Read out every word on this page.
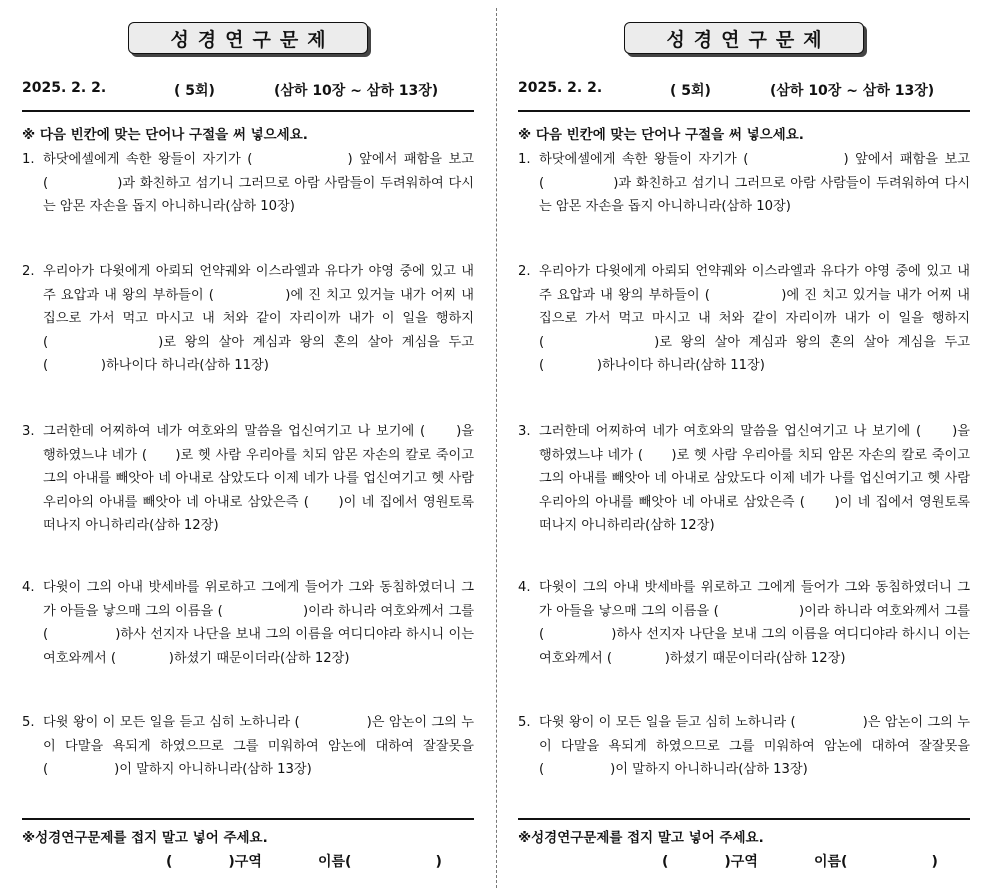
성경연구문제
2025. 2. 2.	( 5회)	(삼하 10장 ~ 삼하 13장)
※ 다음 빈칸에 맞는 단어나 구절을 써 넣으세요.
1. 하닷에셀에게 속한 왕들이 자기가 (　　　　　　) 앞에서 패함을 보고 (　　　　　)과 화친하고 섬기니 그러므로 아람 사람들이 두려워하여 다시는 암몬 자손을 돕지 아니하니라(삼하 10장)
2. 우리아가 다윗에게 아뢰되 언약궤와 이스라엘과 유다가 야영 중에 있고 내 주 요압과 내 왕의 부하들이 (　　　　　)에 진 치고 있거늘 내가 어찌 내 집으로 가서 먹고 마시고 내 처와 같이 자리이까 내가 이 일을 행하지 (　　　　　　)로 왕의 살아 계심과 왕의 혼의 살아 계심을 두고 (　　　　)하나이다 하니라(삼하 11장)
3. 그러한데 어찌하여 네가 여호와의 말씀을 업신여기고 나 보기에 (　　)을 행하였느냐 네가 (　　)로 헷 사람 우리아를 치되 암몬 자손의 칼로 죽이고 그의 아내를 빼앗아 네 아내로 삼았도다 이제 네가 나를 업신여기고 헷 사람 우리아의 아내를 빼앗아 네 아내로 삼았은즉 (　　)이 네 집에서 영원토록 떠나지 아니하리라(삼하 12장)
4. 다윗이 그의 아내 밧세바를 위로하고 그에게 들어가 그와 동침하였더니 그가 아들을 낳으매 그의 이름을 (　　　　　　)이라 하니라 여호와께서 그를 (　　　　　)하사 선지자 나단을 보내 그의 이름을 여디디야라 하시니 이는 여호와께서 (　　　　)하셨기 때문이더라(삼하 12장)
5. 다윗 왕이 이 모든 일을 듣고 심히 노하니라 (　　　　　)은 암논이 그의 누이 다말을 욕되게 하였으므로 그를 미워하여 암논에 대하여 잘잘못을 (　　　　　)이 말하지 아니하니라(삼하 13장)
※성경연구문제를 접지 말고 넣어 주세요.
(　　　　)구역	이름(　　　　　　)
성경연구문제
2025. 2. 2.	( 5회)	(삼하 10장 ~ 삼하 13장)
※ 다음 빈칸에 맞는 단어나 구절을 써 넣으세요.
1. 하닷에셀에게 속한 왕들이 자기가 (　　　　　　) 앞에서 패함을 보고 (　　　　　)과 화친하고 섬기니 그러므로 아람 사람들이 두려워하여 다시는 암몬 자손을 돕지 아니하니라(삼하 10장)
2. 우리아가 다윗에게 아뢰되 언약궤와 이스라엘과 유다가 야영 중에 있고 내 주 요압과 내 왕의 부하들이 (　　　　　)에 진 치고 있거늘 내가 어찌 내 집으로 가서 먹고 마시고 내 처와 같이 자리이까 내가 이 일을 행하지 (　　　　　　)로 왕의 살아 계심과 왕의 혼의 살아 계심을 두고 (　　　　)하나이다 하니라(삼하 11장)
3. 그러한데 어찌하여 네가 여호와의 말씀을 업신여기고 나 보기에 (　　)을 행하였느냐 네가 (　　)로 헷 사람 우리아를 치되 암몬 자손의 칼로 죽이고 그의 아내를 빼앗아 네 아내로 삼았도다 이제 네가 나를 업신여기고 헷 사람 우리아의 아내를 빼앗아 네 아내로 삼았은즉 (　　)이 네 집에서 영원토록 떠나지 아니하리라(삼하 12장)
4. 다윗이 그의 아내 밧세바를 위로하고 그에게 들어가 그와 동침하였더니 그가 아들을 낳으매 그의 이름을 (　　　　　　)이라 하니라 여호와께서 그를 (　　　　　)하사 선지자 나단을 보내 그의 이름을 여디디야라 하시니 이는 여호와께서 (　　　　)하셨기 때문이더라(삼하 12장)
5. 다윗 왕이 이 모든 일을 듣고 심히 노하니라 (　　　　　)은 암논이 그의 누이 다말을 욕되게 하였으므로 그를 미워하여 암논에 대하여 잘잘못을 (　　　　　)이 말하지 아니하니라(삼하 13장)
※성경연구문제를 접지 말고 넣어 주세요.
(　　　　)구역	이름(　　　　　　)
